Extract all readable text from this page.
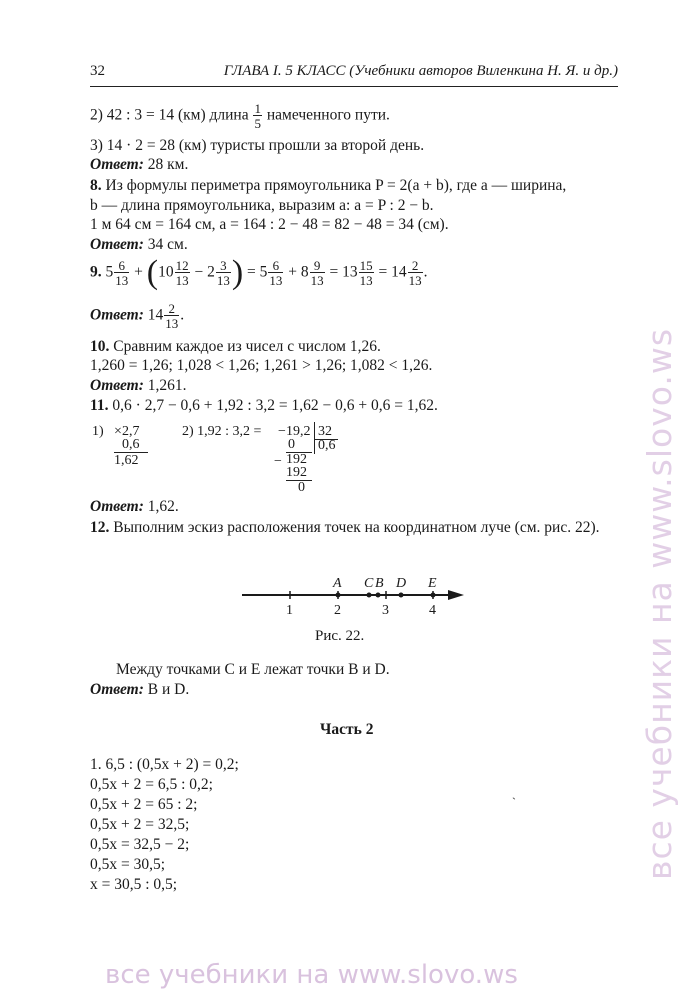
32	ГЛАВА I. 5 КЛАСС (Учебники авторов Виленкина Н. Я. и др.)
2) 42 : 3 = 14 (км) длина $\frac{1}{5}$ намеченного пути.
3) 14 · 2 = 28 (км) туристы прошли за второй день.
Ответ: 28 км.
8. Из формулы периметра прямоугольника P = 2(a + b), где a — ширина,
b — длина прямоугольника, выразим a: a = P : 2 − b.
1 м 64 см = 164 см, a = 164 : 2 − 48 = 82 − 48 = 34 (см).
Ответ: 34 см.
9. $5 \frac{6}{13} + (10 \frac{12}{13} - 2 \frac{3}{13}$ ) = $5 \frac{6}{13} + 8 \frac{9}{13} = 13 \frac{15}{13} = 14 \frac{2}{13}$ .
Ответ: $14 \frac{2}{13}$ .
10. Сравним каждое из чисел с числом 1,26.
1,260 = 1,26; 1,028 < 1,26; 1,261 > 1,26; 1,082 < 1,26.
Ответ: 1,261.
11. 0,6 · 2,7 − 0,6 + 1,92 : 3,2 = 1,62 − 0,6 + 0,6 = 1,62.
1) × 2,7
0,6
1,62
2) 1,92 : 3,2 = − 19,2 32
0,6
0
− 192
192
0
Ответ: 1,62.
12. Выполним эскиз расположения точек на координатном луче (см. рис. 22).
1	2	3	4
A C B D E
Рис. 22.
Между точками C и E лежат точки B и D.
Ответ: B и D.
Часть 2
1. 6,5 : (0,5x + 2) = 0,2;
0,5x + 2 = 6,5 : 0,2;
0,5x + 2 = 65 : 2;
0,5x + 2 = 32,5;
0,5x = 32,5 − 2;
0,5x = 30,5;
x = 30,5 : 0,5;
`	все учебники на www.slovo.ws
все учебники на www.slovo.ws
